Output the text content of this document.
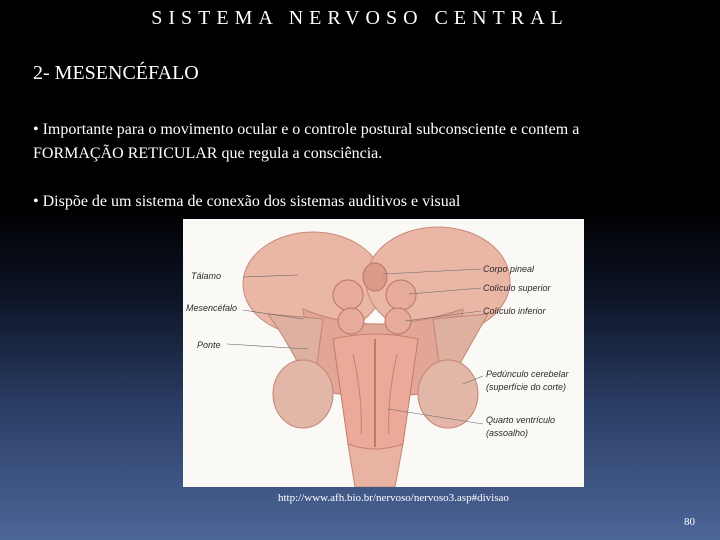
SISTEMA NERVOSO CENTRAL
2- MESENCÉFALO
• Importante para o movimento ocular e o controle postural subconsciente e contem a FORMAÇÃO RETICULAR que regula a consciência.
• Dispõe de um sistema de conexão dos sistemas auditivos e visual
Tálamo
Mesencéfalo
Ponte
Corpo pineal
Colículo superior
Colículo inferior
Pedúnculo cerebelar
(superfície do corte)
Quarto ventrículo
(assoalho)
http://www.afh.bio.br/nervoso/nervoso3.asp#divisao
80
